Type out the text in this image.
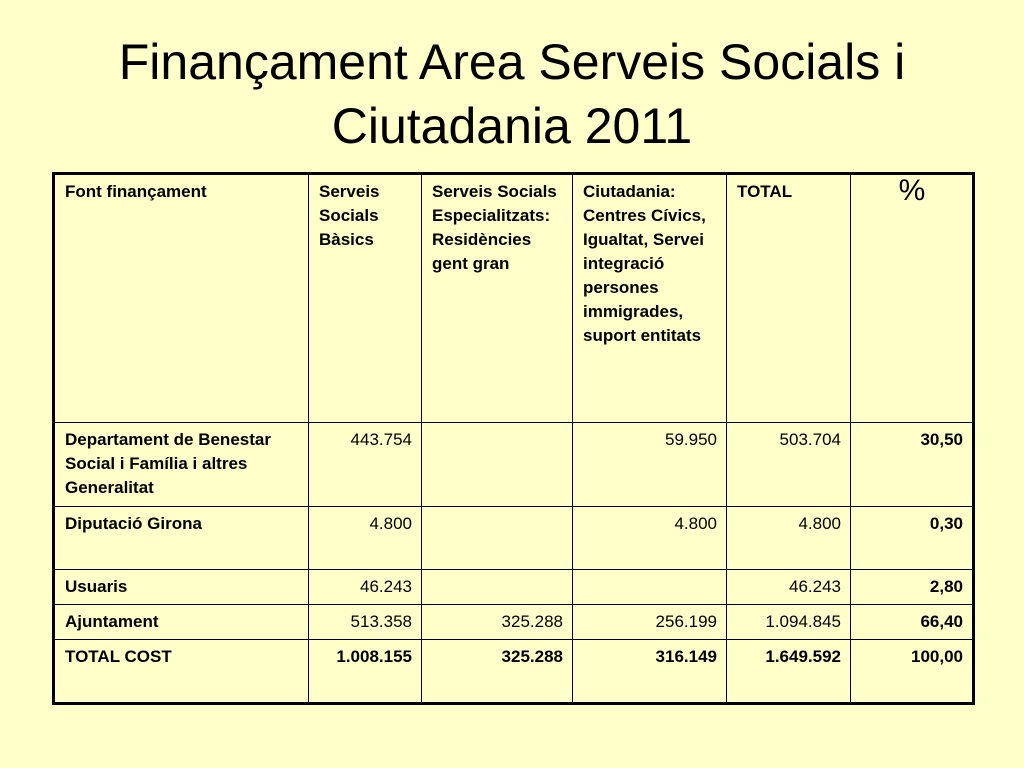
Finançament Area Serveis Socials i
Ciutadania 2011
Font finançament	Serveis Socials Bàsics	Serveis Socials Especialitzats: Residències gent gran	Ciutadania: Centres Cívics, Igualtat, Servei integració persones immigrades, suport entitats	TOTAL	%
Departament de Benestar Social i Família i altres Generalitat	443.754		59.950	503.704	30,50
Diputació Girona	4.800		4.800	4.800	0,30
Usuaris	46.243			46.243	2,80
Ajuntament	513.358	325.288	256.199	1.094.845	66,40
TOTAL COST	1.008.155	325.288	316.149	1.649.592	100,00
